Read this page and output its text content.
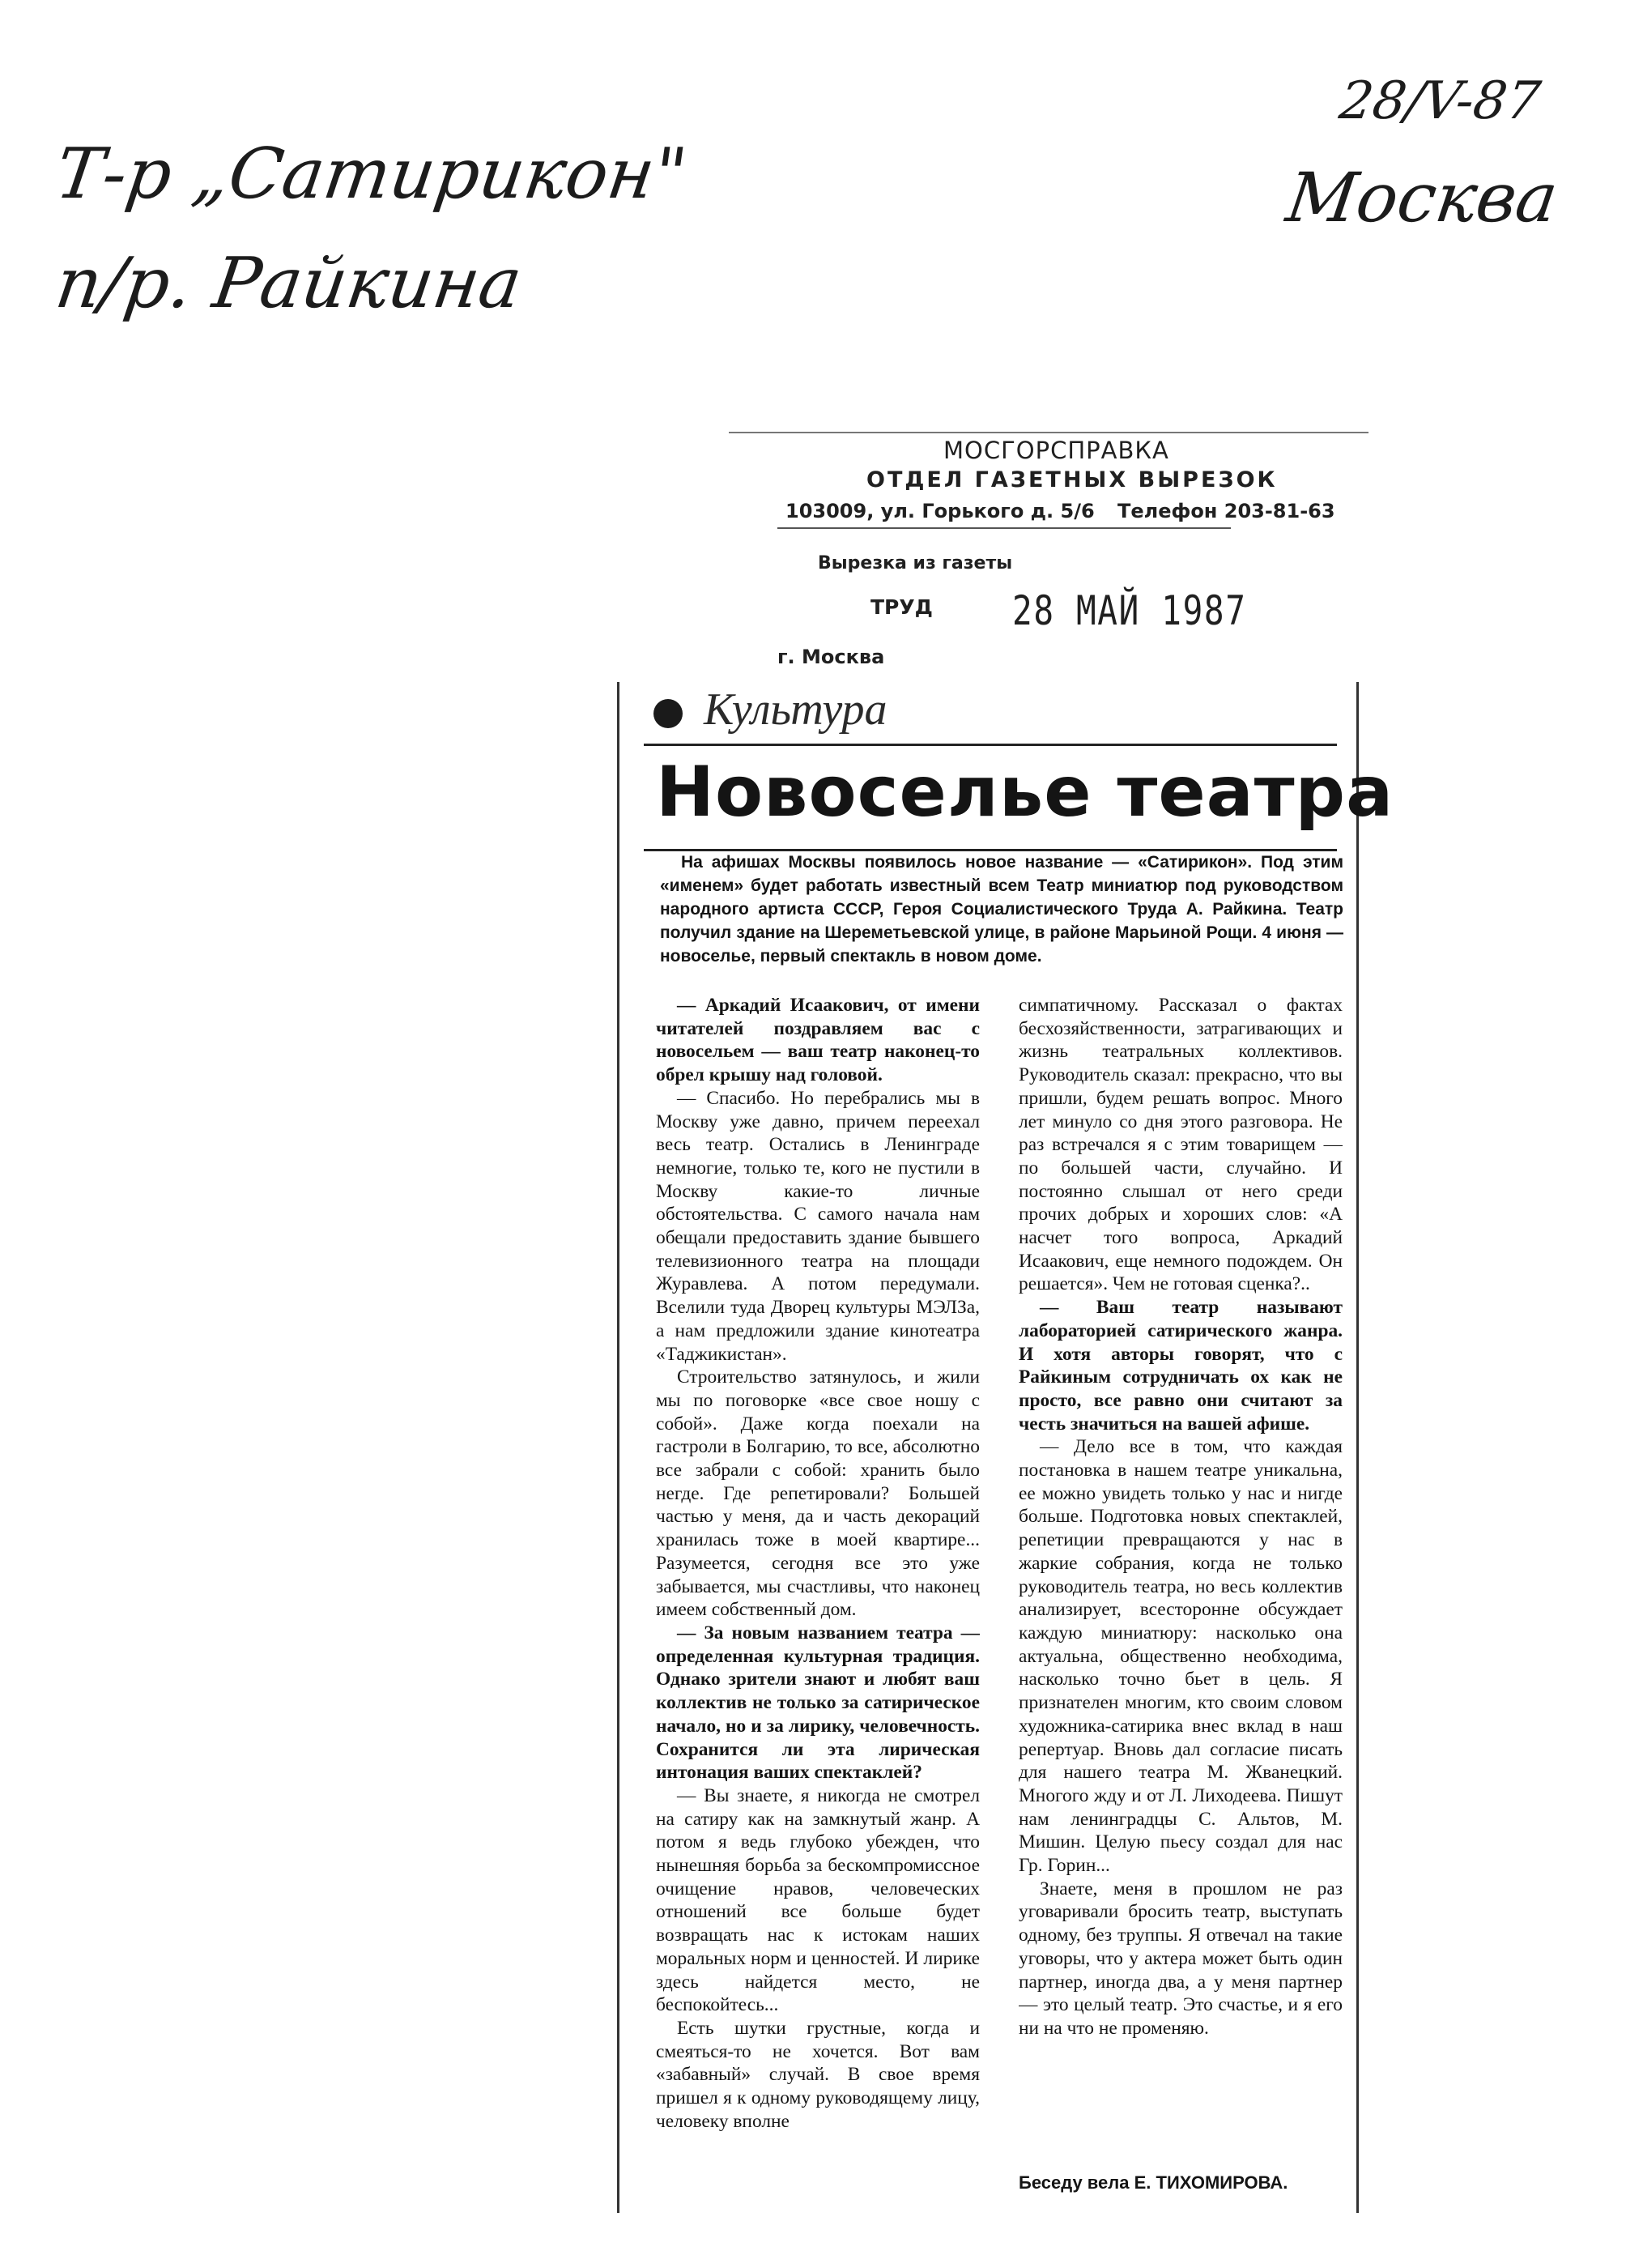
Т-р „Сатирикон"
п/р. Райкина
28/V-87
Москва
МОСГОРСПРАВКА
ОТДЕЛ ГАЗЕТНЫХ ВЫРЕЗОК
103009, ул. Горького д. 5/6 Телефон 203-81-63
Вырезка из газеты
ТРУД 28 МАЙ 1987
г. Москва
Культура
Новоселье театра
На афишах Москвы появилось новое название — «Сатирикон». Под этим «именем» будет работать известный всем Театр миниатюр под руководством народного артиста СССР, Героя Социалистического Труда А. Райкина. Театр получил здание на Шереметьевской улице, в районе Марьиной Рощи. 4 июня — новоселье, первый спектакль в новом доме.

— Аркадий Исаакович, от имени читателей поздравляем вас с новосельем — ваш театр наконец-то обрел крышу над головой.

— Спасибо. Но перебрались мы в Москву уже давно, причем переехал весь театр. Остались в Ленинграде немногие, только те, кого не пустили в Москву какие-то личные обстоятельства. С самого начала нам обещали предоставить здание бывшего телевизионного театра на площади Журавлева. А потом передумали. Вселили туда Дворец культуры МЭЛЗа, а нам предложили здание кинотеатра «Таджикистан».

Строительство затянулось, и жили мы по поговорке «все свое ношу с собой». Даже когда поехали на гастроли в Болгарию, то все, абсолютно все забрали с собой: хранить было негде. Где репетировали? Большей частью у меня, да и часть декораций хранилась тоже в моей квартире... Разумеется, сегодня все это уже забывается, мы счастливы, что наконец имеем собственный дом.

— За новым названием театра — определенная культурная традиция. Однако зрители знают и любят ваш коллектив не только за сатирическое начало, но и за лирику, человечность. Сохранится ли эта лирическая интонация ваших спектаклей?

— Вы знаете, я никогда не смотрел на сатиру как на замкнутый жанр. А потом я ведь глубоко убежден, что нынешняя борьба за бескомпромиссное очищение нравов, человеческих отношений все больше будет возвращать нас к истокам наших моральных норм и ценностей. И лирике здесь найдется место, не беспокойтесь...

Есть шутки грустные, когда и смеяться-то не хочется. Вот вам «забавный» случай. В свое время пришел я к одному руководящему лицу, человеку вполне

симпатичному. Рассказал о фактах бесхозяйственности, затрагивающих и жизнь театральных коллективов. Руководитель сказал: прекрасно, что вы пришли, будем решать вопрос. Много лет минуло со дня этого разговора. Не раз встречался я с этим товарищем — по большей части, случайно. И постоянно слышал от него среди прочих добрых и хороших слов: «А насчет того вопроса, Аркадий Исаакович, еще немного подождем. Он решается». Чем не готовая сценка?..

— Ваш театр называют лабораторией сатирического жанра. И хотя авторы говорят, что с Райкиным сотрудничать ох как не просто, все равно они считают за честь значиться на вашей афише.

— Дело все в том, что каждая постановка в нашем театре уникальна, ее можно увидеть только у нас и нигде больше. Подготовка новых спектаклей, репетиции превращаются у нас в жаркие собрания, когда не только руководитель театра, но весь коллектив анализирует, всесторонне обсуждает каждую миниатюру: насколько она актуальна, общественно необходима, насколько точно бьет в цель. Я признателен многим, кто своим словом художника-сатирика внес вклад в наш репертуар. Вновь дал согласие писать для нашего театра М. Жванецкий. Многого жду и от Л. Лиходеева. Пишут нам ленинградцы С. Альтов, М. Мишин. Целую пьесу создал для нас Гр. Горин...

Знаете, меня в прошлом не раз уговаривали бросить театр, выступать одному, без труппы. Я отвечал на такие уговоры, что у актера может быть один партнер, иногда два, а у меня партнер — это целый театр. Это счастье, и я его ни на что не променяю.

Беседу вела Е. ТИХОМИРОВА.
